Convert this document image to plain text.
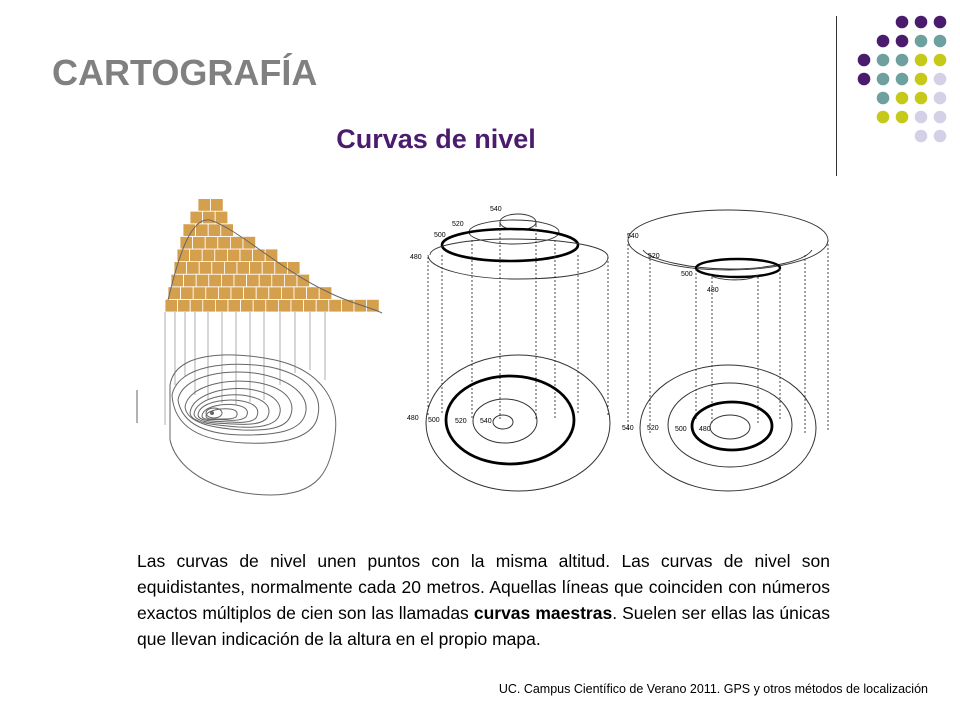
CARTOGRAFÍA
Curvas de nivel
540
520
500
480
480 500 520 540
540
520
500
480
540 520 500 480

Las curvas de nivel unen puntos con la misma altitud. Las curvas de nivel son equidistantes, normalmente cada 20 metros. Aquellas líneas que coinciden con números exactos múltiplos de cien son las llamadas curvas maestras. Suelen ser ellas las únicas que llevan indicación de la altura en el propio mapa.

UC. Campus Científico de Verano 2011. GPS y otros métodos de localización
